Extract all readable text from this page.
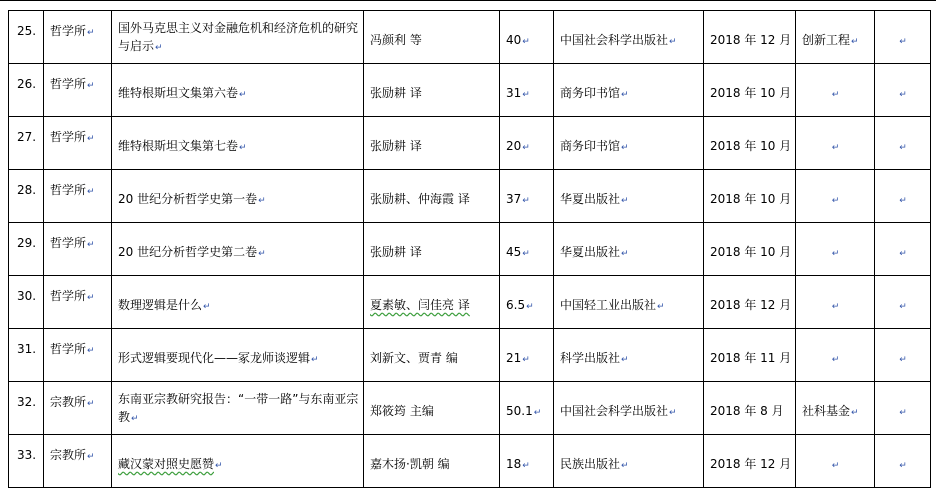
25.	哲学所↵	国外马克思主义对金融危机和经济危机的研究与启示↵	冯颜利 等	40↵	中国社会科学出版社↵	2018 年 12 月	创新工程↵	↵

26.	哲学所↵	维特根斯坦文集第六卷↵	张励耕 译	31↵	商务印书馆↵	2018 年 10 月	↵	↵

27.	哲学所↵	维特根斯坦文集第七卷↵	张励耕 译	20↵	商务印书馆↵	2018 年 10 月	↵	↵

28.	哲学所↵	20 世纪分析哲学史第一卷↵	张励耕、仲海霞 译	37↵	华夏出版社↵	2018 年 10 月	↵	↵

29.	哲学所↵	20 世纪分析哲学史第二卷↵	张励耕 译	45↵	华夏出版社↵	2018 年 10 月	↵	↵

30.	哲学所↵	数理逻辑是什么↵	夏素敏、闫佳亮 译	6.5↵	中国轻工业出版社↵	2018 年 12 月	↵	↵

31.	哲学所↵	形式逻辑要现代化——冢龙师谈逻辑↵	刘新文、贾青 编	21↵	科学出版社↵	2018 年 11 月	↵	↵

32.	宗教所↵	东南亚宗教研究报告：“一带一路”与东南亚宗教↵	郑筱筠 主编	50.1↵	中国社会科学出版社↵	2018 年 8 月	社科基金↵	↵

33.	宗教所↵	藏汉蒙对照史愿赞↵	嘉木扬·凯朝 编	18↵	民族出版社↵	2018 年 12 月	↵	↵
